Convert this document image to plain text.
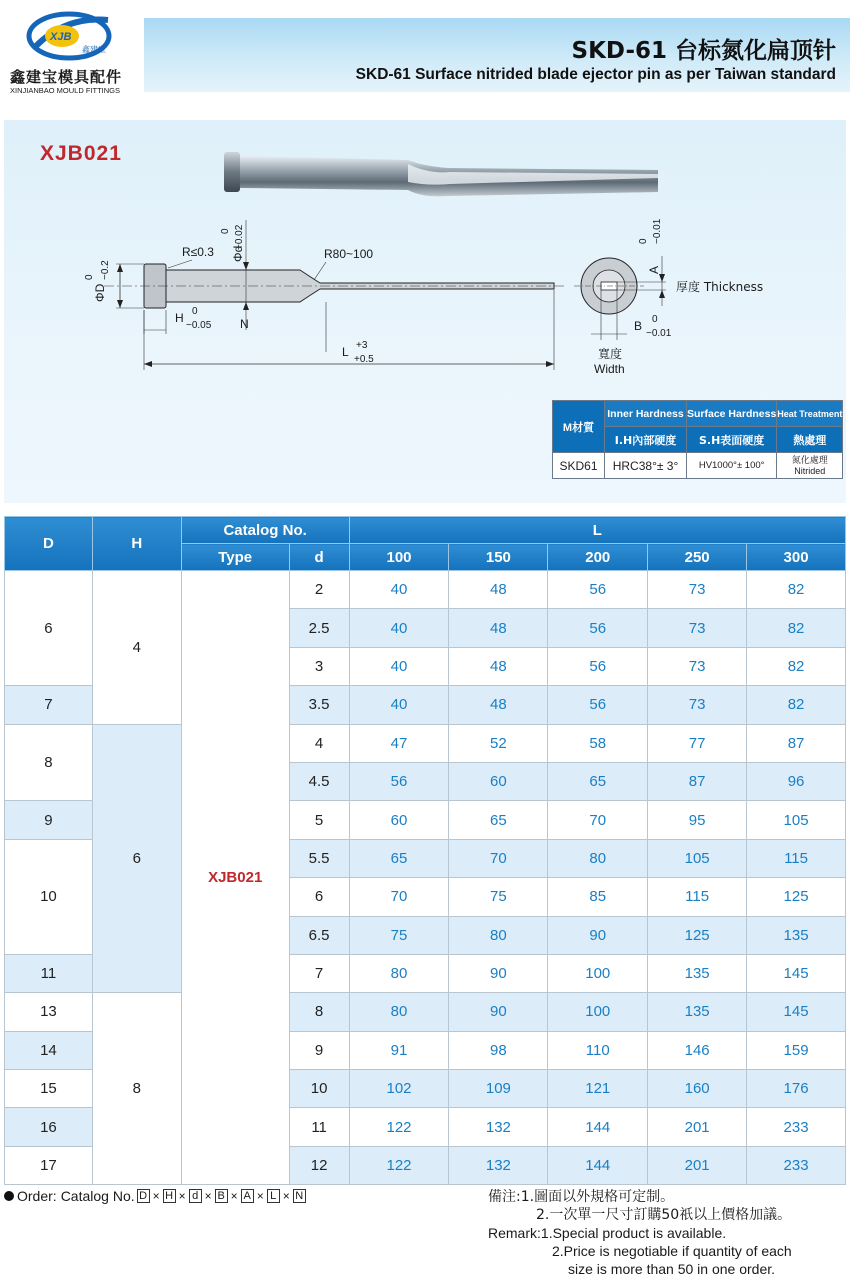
XJB
鑫建宝
鑫建宝模具配件
XINJIANBAO MOULD FITTINGS
SKD-61 台标氮化扁顶针
SKD-61 Surface nitrided blade ejector pin as per Taiwan standard
XJB021
ΦD
0 −0.2
R≤0.3 Φd
0 −0.02
R80~100
H 0
−0.05 N
L +3
+0.5
A
0 −0.01
厚度 Thickness
B 0
−0.01
寬度
Width
M材質	Inner Hardness	Surface Hardness	Heat Treatment
	I.H內部硬度	S.H表面硬度	熱處理
SKD61	HRC38°± 3°	HV1000°± 100°	氮化處理
Nitrided
D	H	Catalog No.		L				
		Type	d	100	150	200	250	300
6	4	XJB021	2	40	48	56	73	82
			2.5	40	48	56	73	82
			3	40	48	56	73	82
7			3.5	40	48	56	73	82
8	6		4	47	52	58	77	87
			4.5	56	60	65	87	96
9			5	60	65	70	95	105
10			5.5	65	70	80	105	115
			6	70	75	85	115	125
			6.5	75	80	90	125	135
11			7	80	90	100	135	145
13	8		8	80	90	100	135	145
14			9	91	98	110	146	159
15			10	102	109	121	160	176
16			11	122	132	144	201	233
17			12	122	132	144	201	233
Order: Catalog No. D × H × d × B × A × L × N	備注:1.圖面以外規格可定制。
2.一次單一尺寸訂購50祇以上價格加議。
Remark:1.Special product is available.
2.Price is negotiable if quantity of each
size is more than 50 in one order.
